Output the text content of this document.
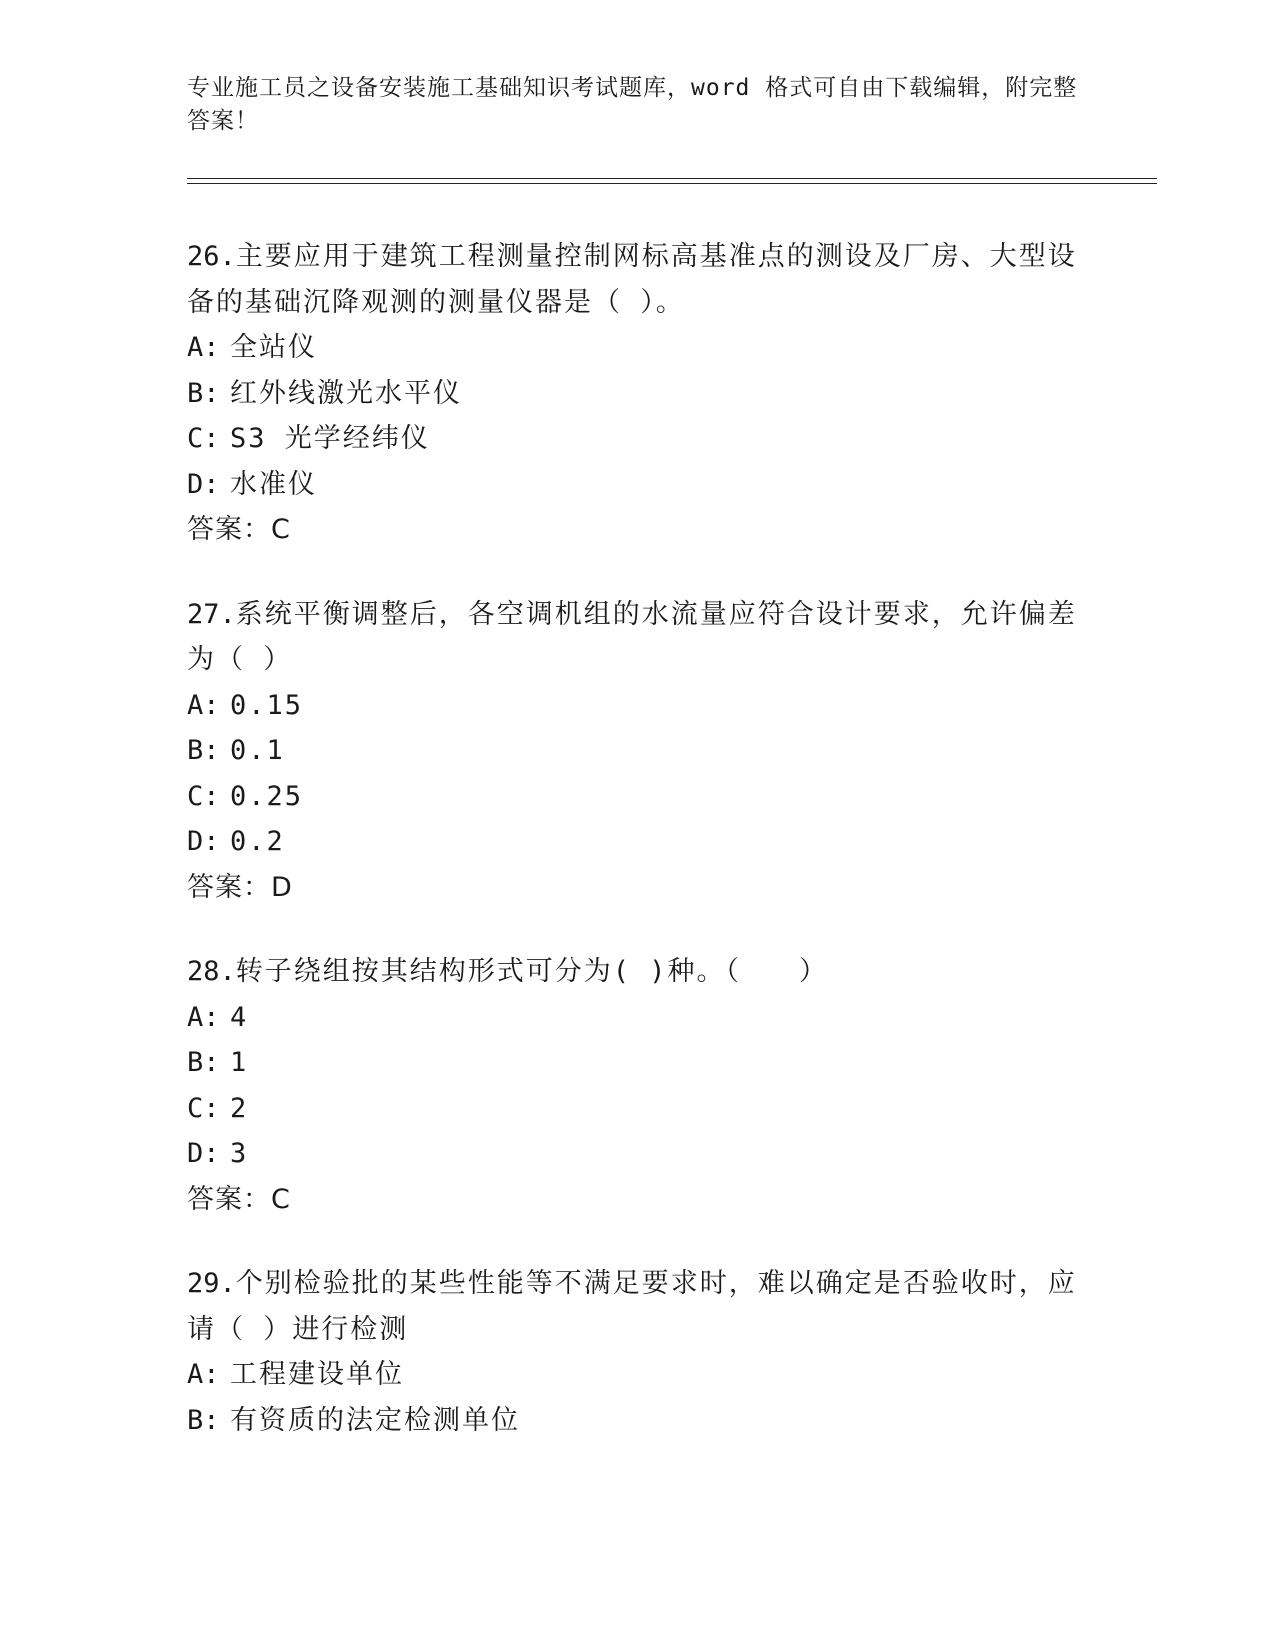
专业施工员之设备安装施工基础知识考试题库，word 格式可自由下载编辑，附完整答案！
26.主要应用于建筑工程测量控制网标高基准点的测设及厂房、大型设备的基础沉降观测的测量仪器是（ ）。
A: 全站仪
B: 红外线激光水平仪
C: S3 光学经纬仪
D: 水准仪
答案：C
27.系统平衡调整后，各空调机组的水流量应符合设计要求，允许偏差为（ ）
A: 0.15
B: 0.1
C: 0.25
D: 0.2
答案：D
28.转子绕组按其结构形式可分为( )种。（　　）
A: 4
B: 1
C: 2
D: 3
答案：C
29.个别检验批的某些性能等不满足要求时，难以确定是否验收时，应请（ ）进行检测
A: 工程建设单位
B: 有资质的法定检测单位
